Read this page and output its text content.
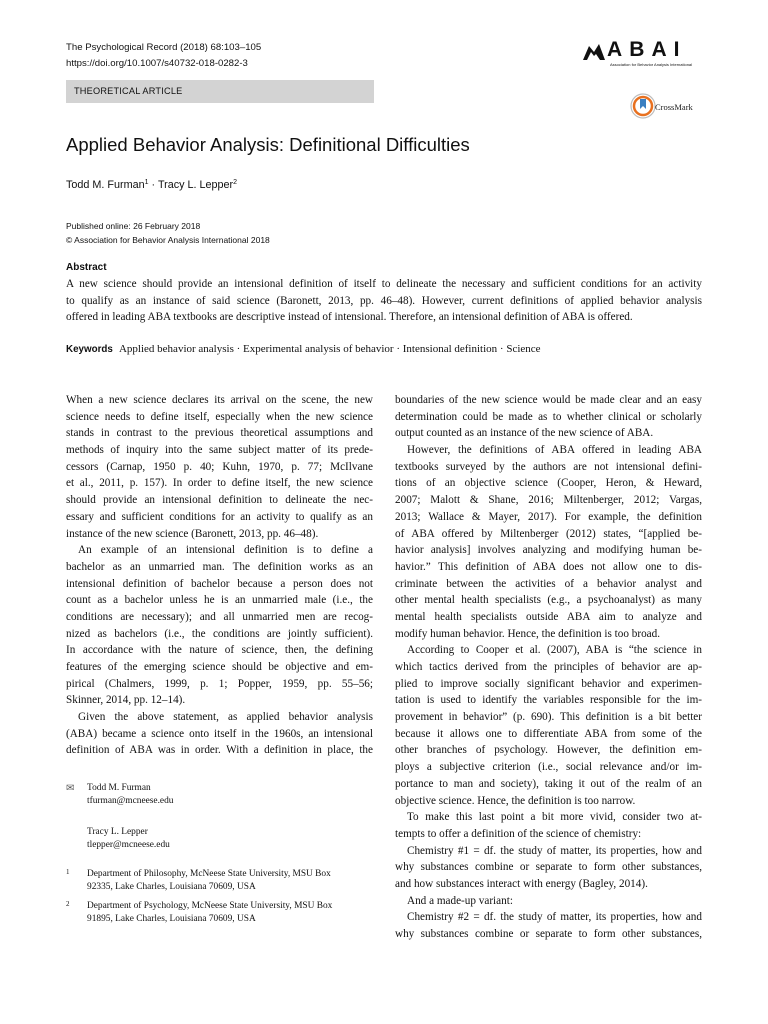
The Psychological Record (2018) 68:103–105
https://doi.org/10.1007/s40732-018-0282-3
A B A I
Association for Behavior Analysis International
THEORETICAL ARTICLE
CrossMark
Applied Behavior Analysis: Definitional Difficulties
Todd M. Furman$^1$ · Tracy L. Lepper$^2$
Published online: 26 February 2018
© Association for Behavior Analysis International 2018
Abstract
A new science should provide an intensional definition of itself to delineate the necessary and sufficient conditions for an activity
to qualify as an instance of said science (Baronett, 2013, pp. 46–48). However, current definitions of applied behavior analysis
offered in leading ABA textbooks are descriptive instead of intensional. Therefore, an intensional definition of ABA is offered.
Keywords Applied behavior analysis · Experimental analysis of behavior · Intensional definition · Science
When a new science declares its arrival on the scene, the new
science needs to define itself, especially when the new science
stands in contrast to the previous theoretical assumptions and
methods of inquiry into the same subject matter of its prede-
cessors (Carnap, 1950 p. 40; Kuhn, 1970, p. 77; McIlvane
et al., 2011, p. 157). In order to define itself, the new science
should provide an intensional definition to delineate the nec-
essary and sufficient conditions for an activity to qualify as an
instance of the new science (Baronett, 2013, pp. 46–48).
An example of an intensional definition is to define a
bachelor as an unmarried man. The definition works as an
intensional definition of bachelor because a person does not
count as a bachelor unless he is an unmarried male (i.e., the
conditions are necessary); and all unmarried men are recog-
nized as bachelors (i.e., the conditions are jointly sufficient).
In accordance with the nature of science, then, the defining
features of the emerging science should be objective and em-
pirical (Chalmers, 1999, p. 1; Popper, 1959, pp. 55–56;
Skinner, 2014, pp. 12–14).
Given the above statement, as applied behavior analysis
(ABA) became a science onto itself in the 1960s, an intensional
definition of ABA was in order. With a definition in place, the
boundaries of the new science would be made clear and an easy
determination could be made as to whether clinical or scholarly
output counted as an instance of the new science of ABA.
However, the definitions of ABA offered in leading ABA
textbooks surveyed by the authors are not intensional defini-
tions of an objective science (Cooper, Heron, & Heward,
2007; Malott & Shane, 2016; Miltenberger, 2012; Vargas,
2013; Wallace & Mayer, 2017). For example, the definition
of ABA offered by Miltenberger (2012) states, “[applied be-
havior analysis] involves analyzing and modifying human be-
havior.” This definition of ABA does not allow one to dis-
criminate between the activities of a behavior analyst and
other mental health specialists (e.g., a psychoanalyst) as many
mental health specialists outside ABA aim to analyze and
modify human behavior. Hence, the definition is too broad.
According to Cooper et al. (2007), ABA is “the science in
which tactics derived from the principles of behavior are ap-
plied to improve socially significant behavior and experimen-
tation is used to identify the variables responsible for the im-
provement in behavior” (p. 690). This definition is a bit better
because it allows one to differentiate ABA from some of the
other branches of psychology. However, the definition em-
ploys a subjective criterion (i.e., social relevance and/or im-
portance to man and society), taking it out of the realm of an
objective science. Hence, the definition is too narrow.
To make this last point a bit more vivid, consider two at-
tempts to offer a definition of the science of chemistry:
Chemistry #1 = df. the study of matter, its properties, how and
why substances combine or separate to form other substances,
and how substances interact with energy (Bagley, 2014).
And a made-up variant:
Chemistry #2 = df. the study of matter, its properties, how and
why substances combine or separate to form other substances,
✉ Todd M. Furman
tfurman@mcneese.edu
Tracy L. Lepper
tlepper@mcneese.edu
1 Department of Philosophy, McNeese State University, MSU Box
92335, Lake Charles, Louisiana 70609, USA
2 Department of Psychology, McNeese State University, MSU Box
91895, Lake Charles, Louisiana 70609, USA
